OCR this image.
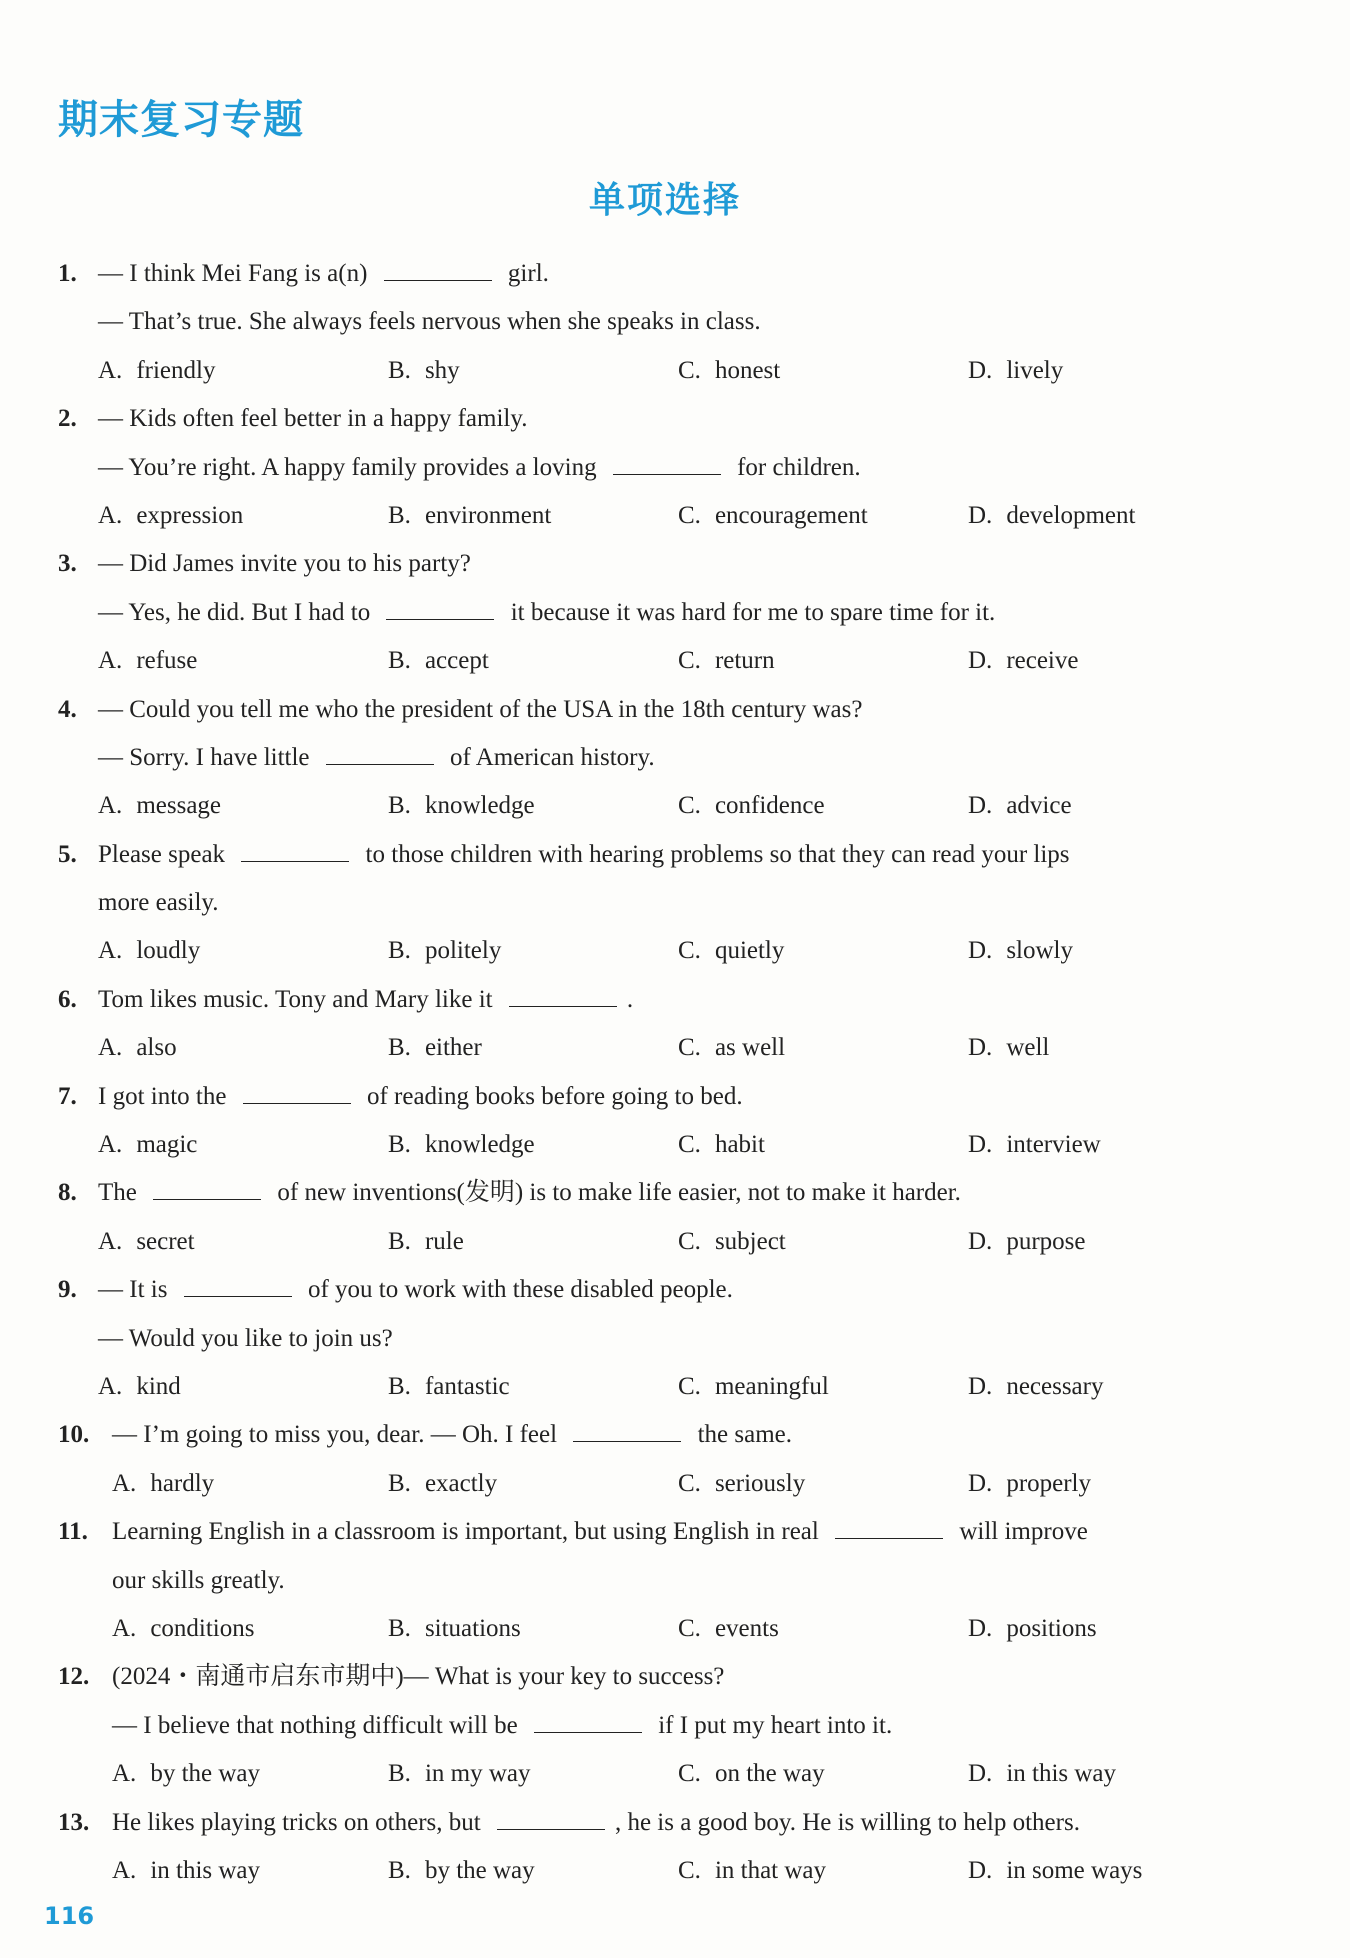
期末复习专题
单项选择
1. — I think Mei Fang is a(n)	girl.
— That’s true. She always feels nervous when she speaks in class.
A. friendly	B. shy	C. honest	D. lively
2. — Kids often feel better in a happy family.
— You’re right. A happy family provides a loving	for children.
A. expression	B. environment	C. encouragement	D. development
3. — Did James invite you to his party?
— Yes, he did. But I had to	it because it was hard for me to spare time for it.
A. refuse	B. accept	C. return	D. receive
4. — Could you tell me who the president of the USA in the 18th century was?
— Sorry. I have little	of American history.
A. message	B. knowledge	C. confidence	D. advice
5. Please speak	to those children with hearing problems so that they can read your lips
more easily.
A. loudly	B. politely	C. quietly	D. slowly
6. Tom likes music. Tony and Mary like it	.
A. also	B. either	C. as well	D. well
7. I got into the	of reading books before going to bed.
A. magic	B. knowledge	C. habit	D. interview
8. The	of new inventions(发明) is to make life easier, not to make it harder.
A. secret	B. rule	C. subject	D. purpose
9. — It is	of you to work with these disabled people.
— Would you like to join us?
A. kind	B. fantastic	C. meaningful	D. necessary
10. — I’m going to miss you, dear. — Oh. I feel	the same.
A. hardly	B. exactly	C. seriously	D. properly
11. Learning English in a classroom is important, but using English in real	will improve
our skills greatly.
A. conditions	B. situations	C. events	D. positions
12. (2024・南通市启东市期中)— What is your key to success?
— I believe that nothing difficult will be	if I put my heart into it.
A. by the way	B. in my way	C. on the way	D. in this way
13. He likes playing tricks on others, but	, he is a good boy. He is willing to help others.
A. in this way	B. by the way	C. in that way	D. in some ways
116
